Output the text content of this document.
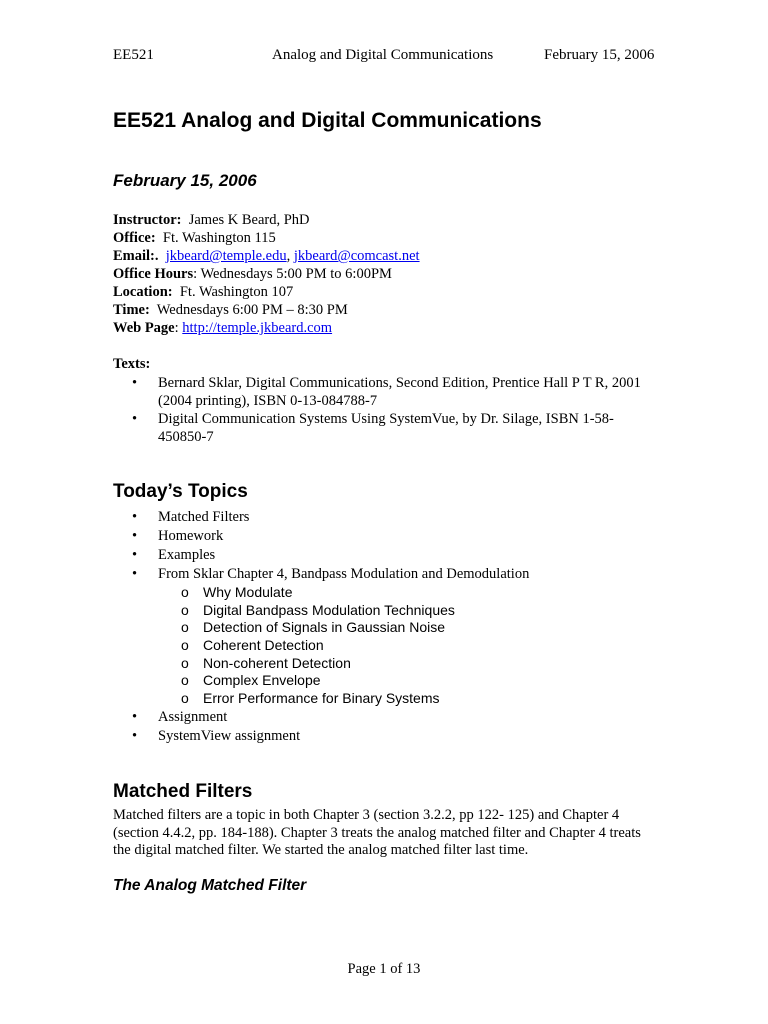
EE521	Analog and Digital Communications	February 15, 2006
EE521 Analog and Digital Communications
February 15, 2006
Instructor: James K Beard, PhD
Office: Ft. Washington 115
Email:. jkbeard@temple.edu, jkbeard@comcast.net
Office Hours: Wednesdays 5:00 PM to 6:00PM
Location: Ft. Washington 107
Time: Wednesdays 6:00 PM – 8:30 PM
Web Page: http://temple.jkbeard.com
Texts:
• Bernard Sklar, Digital Communications, Second Edition, Prentice Hall P T R, 2001 (2004 printing), ISBN 0-13-084788-7
• Digital Communication Systems Using SystemVue, by Dr. Silage, ISBN 1-58-450850-7
Today’s Topics
• Matched Filters
• Homework
• Examples
• From Sklar Chapter 4, Bandpass Modulation and Demodulation
o Why Modulate
o Digital Bandpass Modulation Techniques
o Detection of Signals in Gaussian Noise
o Coherent Detection
o Non-coherent Detection
o Complex Envelope
o Error Performance for Binary Systems
• Assignment
• SystemView assignment
Matched Filters
Matched filters are a topic in both Chapter 3 (section 3.2.2, pp 122- 125) and Chapter 4 (section 4.4.2, pp. 184-188). Chapter 3 treats the analog matched filter and Chapter 4 treats the digital matched filter. We started the analog matched filter last time.
The Analog Matched Filter
Page 1 of 13
